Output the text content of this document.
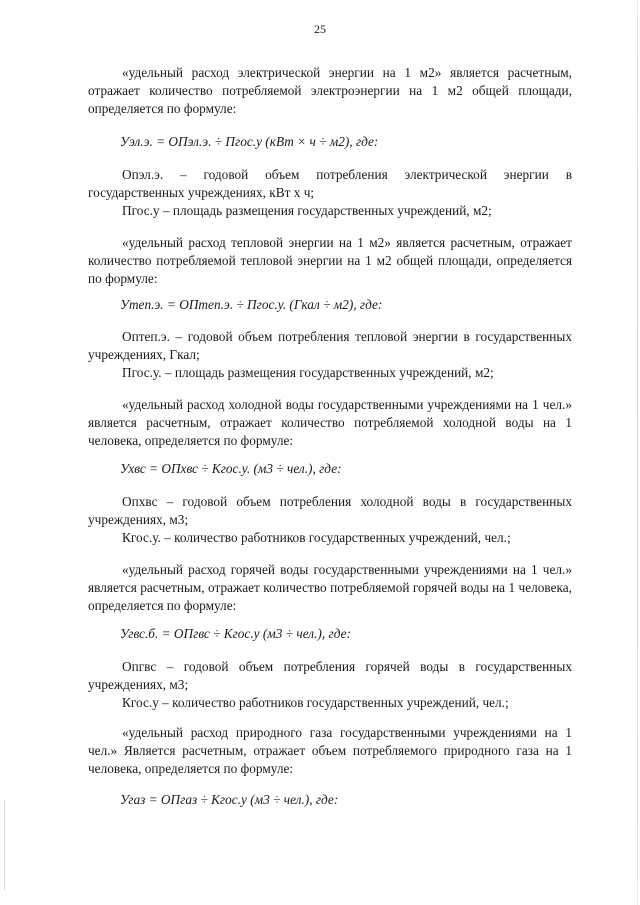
25

«удельный расход электрической энергии на 1 м2» является расчетным, отражает количество потребляемой электроэнергии на 1 м2 общей площади, определяется по формуле:

Уэл.э. = ОПэл.э. ÷ Пгос.у (кВт × ч ÷ м2), где:

Опэл.э. – годовой объем потребления электрической энергии в государственных учреждениях, кВт х ч;

Пгос.у – площадь размещения государственных учреждений, м2;

«удельный расход тепловой энергии на 1 м2» является расчетным, отражает количество потребляемой тепловой энергии на 1 м2 общей площади, определяется по формуле:

Утеп.э. = ОПтеп.э. ÷ Пгос.у. (Гкал ÷ м2), где:

Оптеп.э. – годовой объем потребления тепловой энергии в государственных учреждениях, Гкал;

Пгос.у. – площадь размещения государственных учреждений, м2;

«удельный расход холодной воды государственными учреждениями на 1 чел.» является расчетным, отражает количество потребляемой холодной воды на 1 человека, определяется по формуле:

Ухвс = ОПхвс ÷ Кгос.у. (м3 ÷ чел.), где:

Опхвс – годовой объем потребления холодной воды в государственных учреждениях, м3;

Кгос.у. – количество работников государственных учреждений, чел.;

«удельный расход горячей воды государственными учреждениями на 1 чел.» является расчетным, отражает количество потребляемой горячей воды на 1 человека, определяется по формуле:

Угвс.б. = ОПгвс ÷ Кгос.у (м3 ÷ чел.), где:

Опгвс – годовой объем потребления горячей воды в государственных учреждениях, м3;

Кгос.у – количество работников государственных учреждений, чел.;

«удельный расход природного газа государственными учреждениями на 1 чел.» Является расчетным, отражает объем потребляемого природного газа на 1 человека, определяется по формуле:

Угаз = ОПгаз ÷ Кгос.у (м3 ÷ чел.), где:
